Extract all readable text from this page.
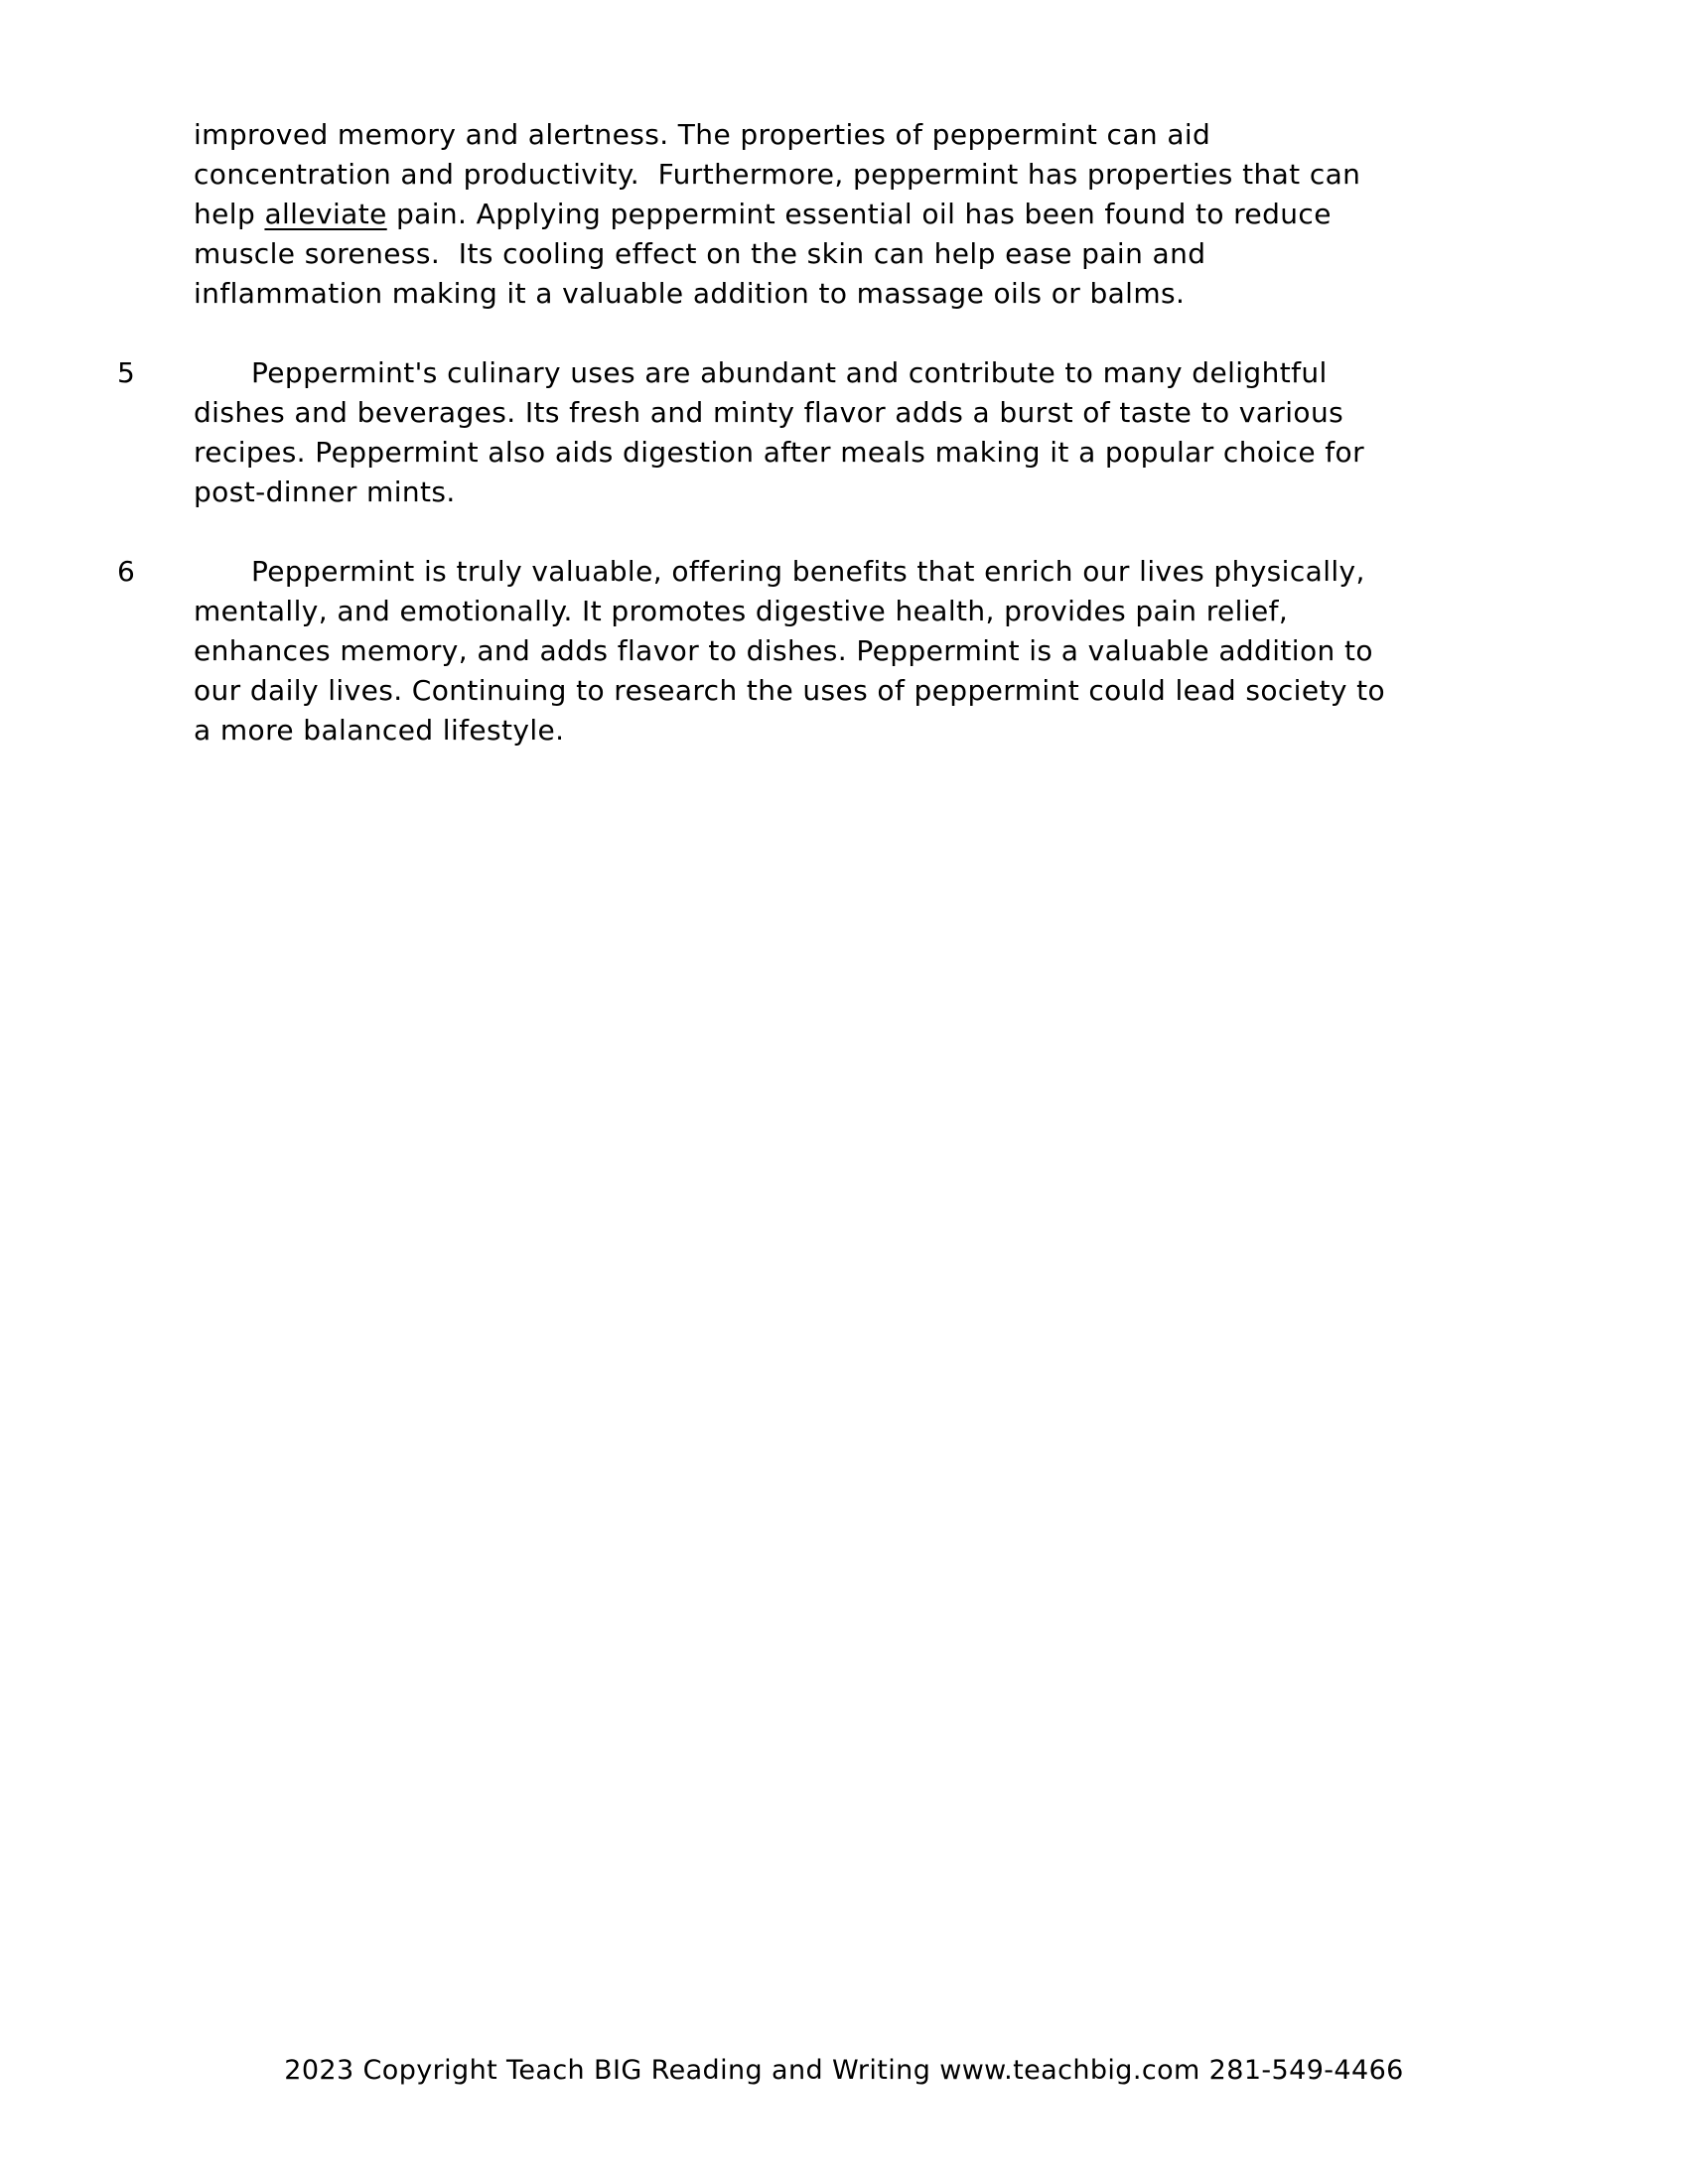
improved memory and alertness. The properties of peppermint can aid
concentration and productivity.  Furthermore, peppermint has properties that can
help alleviate pain. Applying peppermint essential oil has been found to reduce
muscle soreness.  Its cooling effect on the skin can help ease pain and
inflammation making it a valuable addition to massage oils or balms.
5	Peppermint's culinary uses are abundant and contribute to many delightful
dishes and beverages. Its fresh and minty flavor adds a burst of taste to various
recipes. Peppermint also aids digestion after meals making it a popular choice for
post-dinner mints.
6	Peppermint is truly valuable, offering benefits that enrich our lives physically,
mentally, and emotionally. It promotes digestive health, provides pain relief,
enhances memory, and adds flavor to dishes. Peppermint is a valuable addition to
our daily lives. Continuing to research the uses of peppermint could lead society to
a more balanced lifestyle.
2023 Copyright Teach BIG Reading and Writing www.teachbig.com 281-549-4466
